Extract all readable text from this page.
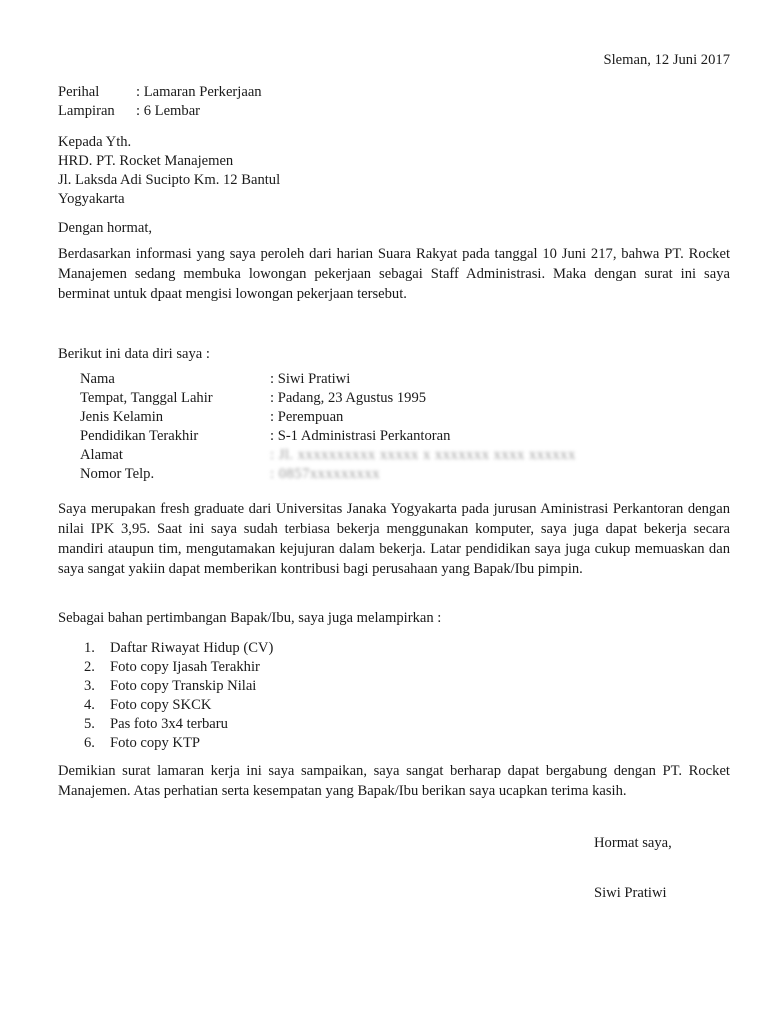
Sleman, 12 Juni 2017
Perihal	: Lamaran Perkerjaan
Lampiran	: 6 Lembar
Kepada Yth.
HRD. PT. Rocket Manajemen
Jl. Laksda Adi Sucipto Km. 12 Bantul
Yogyakarta
Dengan hormat,
Berdasarkan informasi yang saya peroleh dari harian Suara Rakyat pada tanggal 10 Juni 217, bahwa PT. Rocket Manajemen sedang membuka lowongan pekerjaan sebagai Staff Administrasi. Maka dengan surat ini saya berminat untuk dpaat mengisi lowongan pekerjaan tersebut.
Berikut ini data diri saya :
Nama	: Siwi Pratiwi
Tempat, Tanggal Lahir	: Padang, 23 Agustus 1995
Jenis Kelamin	: Perempuan
Pendidikan Terakhir	: S-1 Administrasi Perkantoran
Alamat	: Jl. xxxxxxxxxx xxxxx x xxxxxxx xxxx xxxxxx
Nomor Telp.	: 0857xxxxxxxxx
Saya merupakan fresh graduate dari Universitas Janaka Yogyakarta pada jurusan Aministrasi Perkantoran dengan nilai IPK 3,95. Saat ini saya sudah terbiasa bekerja menggunakan komputer, saya juga dapat bekerja secara mandiri ataupun tim, mengutamakan kejujuran dalam bekerja. Latar pendidikan saya juga cukup memuaskan dan saya sangat yakiin dapat memberikan kontribusi bagi perusahaan yang Bapak/Ibu pimpin.
Sebagai bahan pertimbangan Bapak/Ibu, saya juga melampirkan :
1.	Daftar Riwayat Hidup (CV)
2.	Foto copy Ijasah Terakhir
3.	Foto copy Transkip Nilai
4.	Foto copy SKCK
5.	Pas foto 3x4 terbaru
6.	Foto copy KTP
Demikian surat lamaran kerja ini saya sampaikan, saya sangat berharap dapat bergabung dengan PT. Rocket Manajemen. Atas perhatian serta kesempatan yang Bapak/Ibu berikan saya ucapkan terima kasih.
Hormat saya,
Siwi Pratiwi
